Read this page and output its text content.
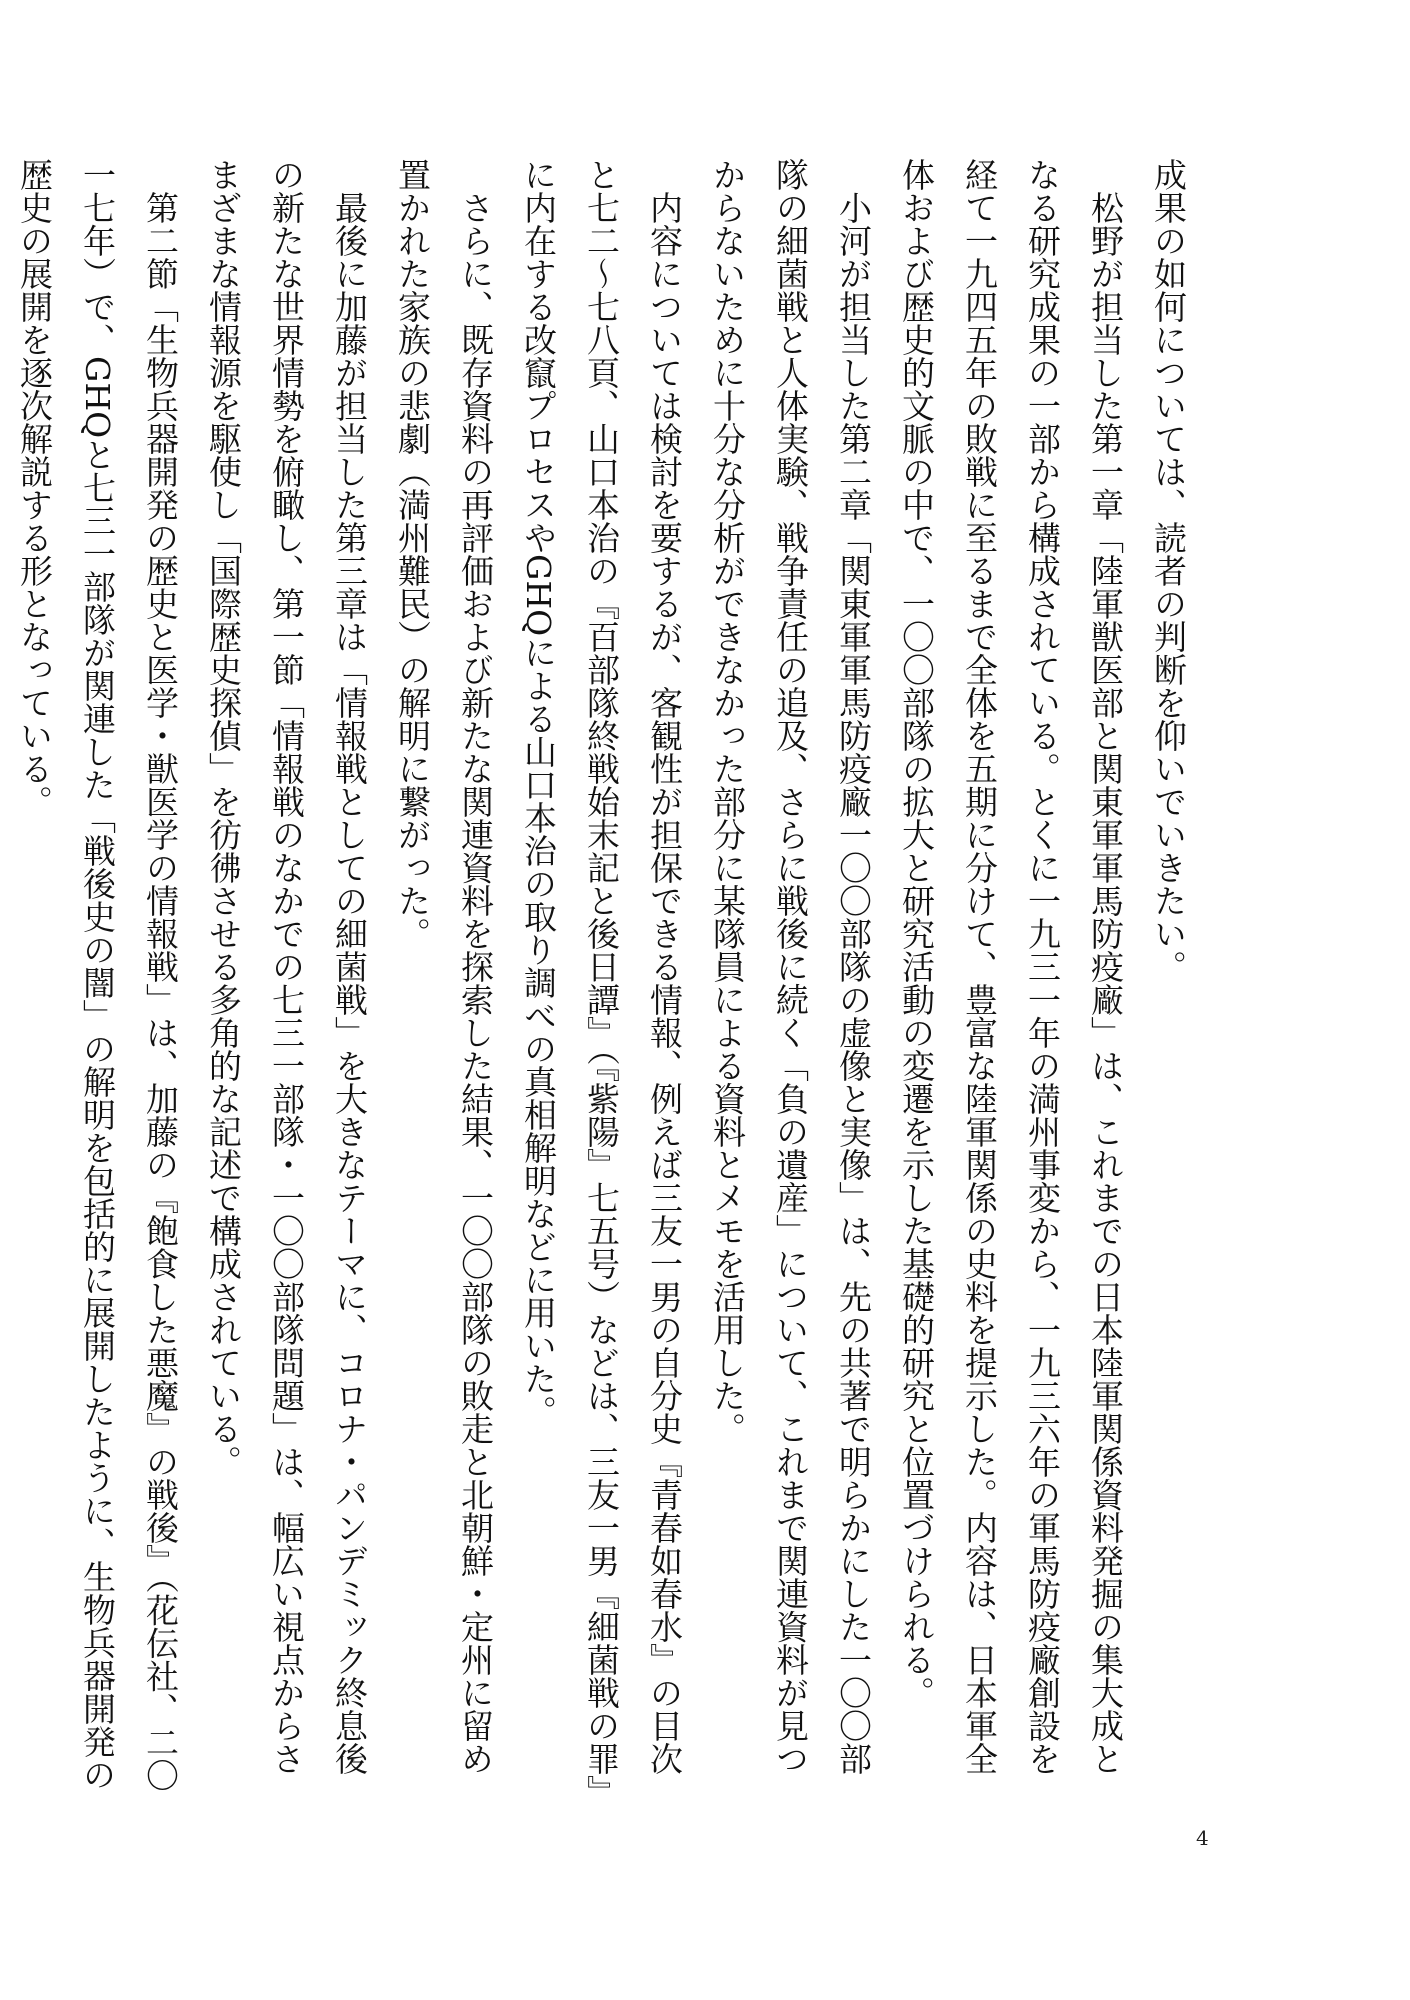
成果の如何については、読者の判断を仰いでいきたい。

松野が担当した第一章「陸軍獣医部と関東軍軍馬防疫廠」は、これまでの日本陸軍関係資料発掘の集大成となる研究成果の一部から構成されている。とくに一九三一年の満州事変から、一九三六年の軍馬防疫廠創設を経て一九四五年の敗戦に至るまで全体を五期に分けて、豊富な陸軍関係の史料を提示した。内容は、日本軍全体および歴史的文脈の中で、一〇〇部隊の拡大と研究活動の変遷を示した基礎的研究と位置づけられる。

小河が担当した第二章「関東軍軍馬防疫廠一〇〇部隊の虚像と実像」は、先の共著で明らかにした一〇〇部隊の細菌戦と人体実験、戦争責任の追及、さらに戦後に続く「負の遺産」について、これまで関連資料が見つからないために十分な分析ができなかった部分に某隊員による資料とメモを活用した。

内容については検討を要するが、客観性が担保できる情報、例えば三友一男の自分史『青春如春水』の目次と七二～七八頁、山口本治の『百部隊終戦始末記と後日譚』（『紫陽』七五号）などは、三友一男『細菌戦の罪』に内在する改竄プロセスやGHQによる山口本治の取り調べの真相解明などに用いた。

さらに、既存資料の再評価および新たな関連資料を探索した結果、一〇〇部隊の敗走と北朝鮮・定州に留め置かれた家族の悲劇（満州難民）の解明に繋がった。

最後に加藤が担当した第三章は「情報戦としての細菌戦」を大きなテーマに、コロナ・パンデミック終息後の新たな世界情勢を俯瞰し、第一節「情報戦のなかでの七三一部隊・一〇〇部隊問題」は、幅広い視点からさまざまな情報源を駆使し「国際歴史探偵」を彷彿させる多角的な記述で構成されている。

第二節「生物兵器開発の歴史と医学・獣医学の情報戦」は、加藤の『飽食した悪魔』の戦後』（花伝社、二〇一七年）で、GHQと七三一部隊が関連した「戦後史の闇」の解明を包括的に展開したように、生物兵器開発の歴史の展開を逐次解説する形となっている。

4
